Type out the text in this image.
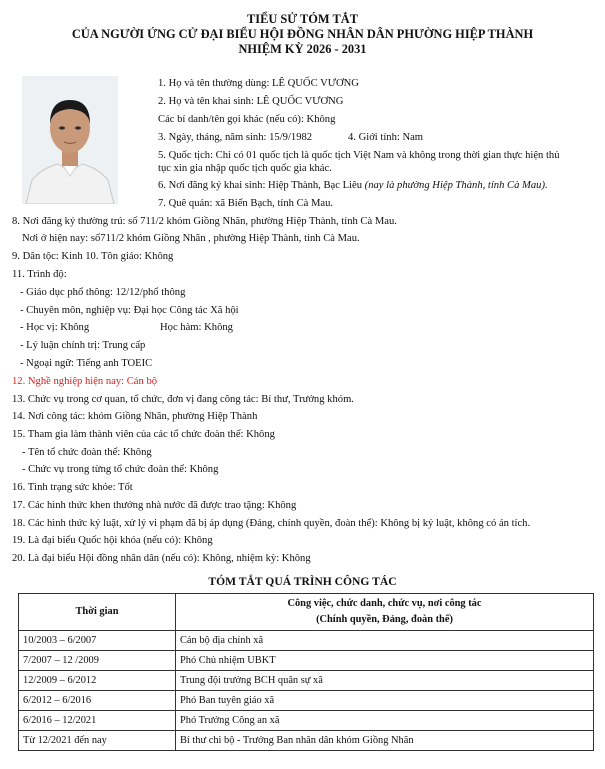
TIỂU SỬ TÓM TẮT
CỦA NGƯỜI ỨNG CỬ ĐẠI BIỂU HỘI ĐỒNG NHÂN DÂN PHƯỜNG HIỆP THÀNH
NHIỆM KỲ 2026 - 2031
1. Họ và tên thường dùng: LÊ QUỐC VƯƠNG
2. Họ và tên khai sinh: LÊ QUỐC VƯƠNG
Các bí danh/tên gọi khác (nếu có): Không
3. Ngày, tháng, năm sinh: 15/9/1982	4. Giới tính: Nam
5. Quốc tịch: Chỉ có 01 quốc tịch là quốc tịch Việt Nam và không trong thời gian thực hiện thủ
tục xin gia nhập quốc tịch quốc gia khác.
6. Nơi đăng ký khai sinh: Hiệp Thành, Bạc Liêu (nay là phường Hiệp Thành, tỉnh Cà Mau).
7. Quê quán: xã Biển Bạch, tỉnh Cà Mau.
8. Nơi đăng ký thường trú: số 711/2 khóm Giồng Nhãn, phường Hiệp Thành, tỉnh Cà Mau.
Nơi ở hiện nay: số711/2 khóm Giồng Nhãn , phường Hiệp Thành, tỉnh Cà Mau.
9. Dân tộc: Kinh 10. Tôn giáo: Không
11. Trình độ:
- Giáo dục phổ thông: 12/12/phổ thông
- Chuyên môn, nghiệp vụ: Đại học Công tác Xã hội
- Học vị: Không	Học hàm: Không
- Lý luận chính trị: Trung cấp
- Ngoại ngữ: Tiếng anh TOEIC
12. Nghề nghiệp hiện nay: Cán bộ
13. Chức vụ trong cơ quan, tổ chức, đơn vị đang công tác: Bí thư, Trưởng khóm.
14. Nơi công tác: khóm Giồng Nhãn, phường Hiệp Thành
15. Tham gia làm thành viên của các tổ chức đoàn thể: Không
- Tên tổ chức đoàn thể: Không
- Chức vụ trong từng tổ chức đoàn thể: Không
16. Tình trạng sức khỏe: Tốt
17. Các hình thức khen thưởng nhà nước đã được trao tặng: Không
18. Các hình thức kỷ luật, xử lý vi phạm đã bị áp dụng (Đảng, chính quyền, đoàn thể): Không bị kỷ luật, không có án tích.
19. Là đại biểu Quốc hội khóa (nếu có): Không
20. Là đại biểu Hội đồng nhân dân (nếu có): Không, nhiệm kỳ: Không
TÓM TẮT QUÁ TRÌNH CÔNG TÁC
Thời gian	Công việc, chức danh, chức vụ, nơi công tác
(Chính quyền, Đảng, đoàn thể)
10/2003 – 6/2007	Cán bộ địa chính xã
7/2007 – 12 /2009	Phó Chủ nhiệm UBKT
12/2009 – 6/2012	Trung đội trưởng BCH quân sự xã
6/2012 – 6/2016	Phó Ban tuyên giáo xã
6/2016 – 12/2021	Phó Trưởng Công an xã
Từ 12/2021 đến nay	Bí thư chi bộ - Trưởng Ban nhân dân khóm Giồng Nhãn
